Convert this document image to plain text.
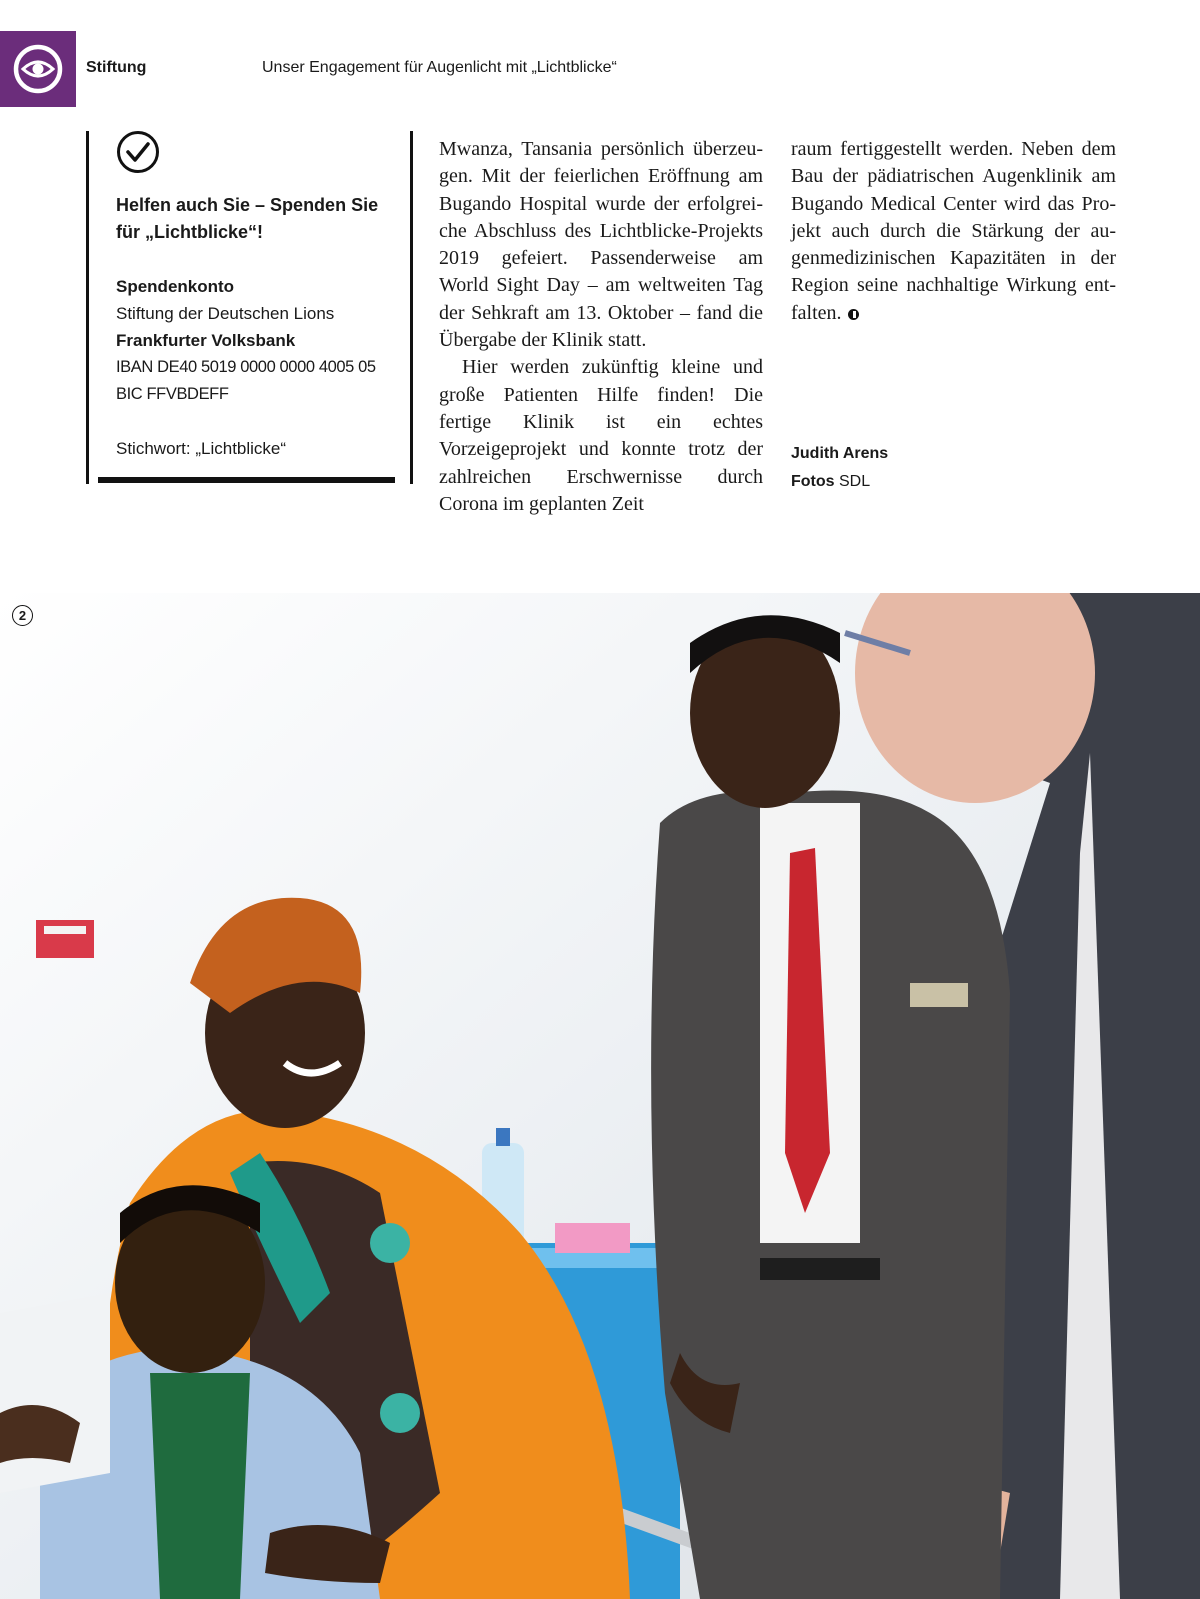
Stiftung	Unser Engagement für Augenlicht mit „Lichtblicke“
Helfen auch Sie – Spenden Sie
für „Lichtblicke“!
Spendenkonto
Stiftung der Deutschen Lions
Frankfurter Volksbank
IBAN DE40 5019 0000 0000 4005 05
BIC FFVBDEFF
Stichwort: „Lichtblicke“

Mwanza, Tansania persönlich überzeugen. Mit der feierlichen Eröffnung am Bugando Hospital wurde der erfolgreiche Abschluss des Lichtblicke-Projekts 2019 gefeiert. Passenderweise am World Sight Day – am weltweiten Tag der Sehkraft am 13. Oktober – fand die Übergabe der Klinik statt.

Hier werden zukünftig kleine und große Patienten Hilfe finden! Die fertige Klinik ist ein echtes Vorzeigeprojekt und konnte trotz der zahlreichen Erschwernisse durch Corona im geplanten Zeit

raum fertiggestellt werden. Neben dem Bau der pädiatrischen Augenklinik am Bugando Medical Center wird das Projekt auch durch die Stärkung der augenmedizinischen Kapazitäten in der Region seine nachhaltige Wirkung entfalten.

Judith Arens
Fotos SDL
2
